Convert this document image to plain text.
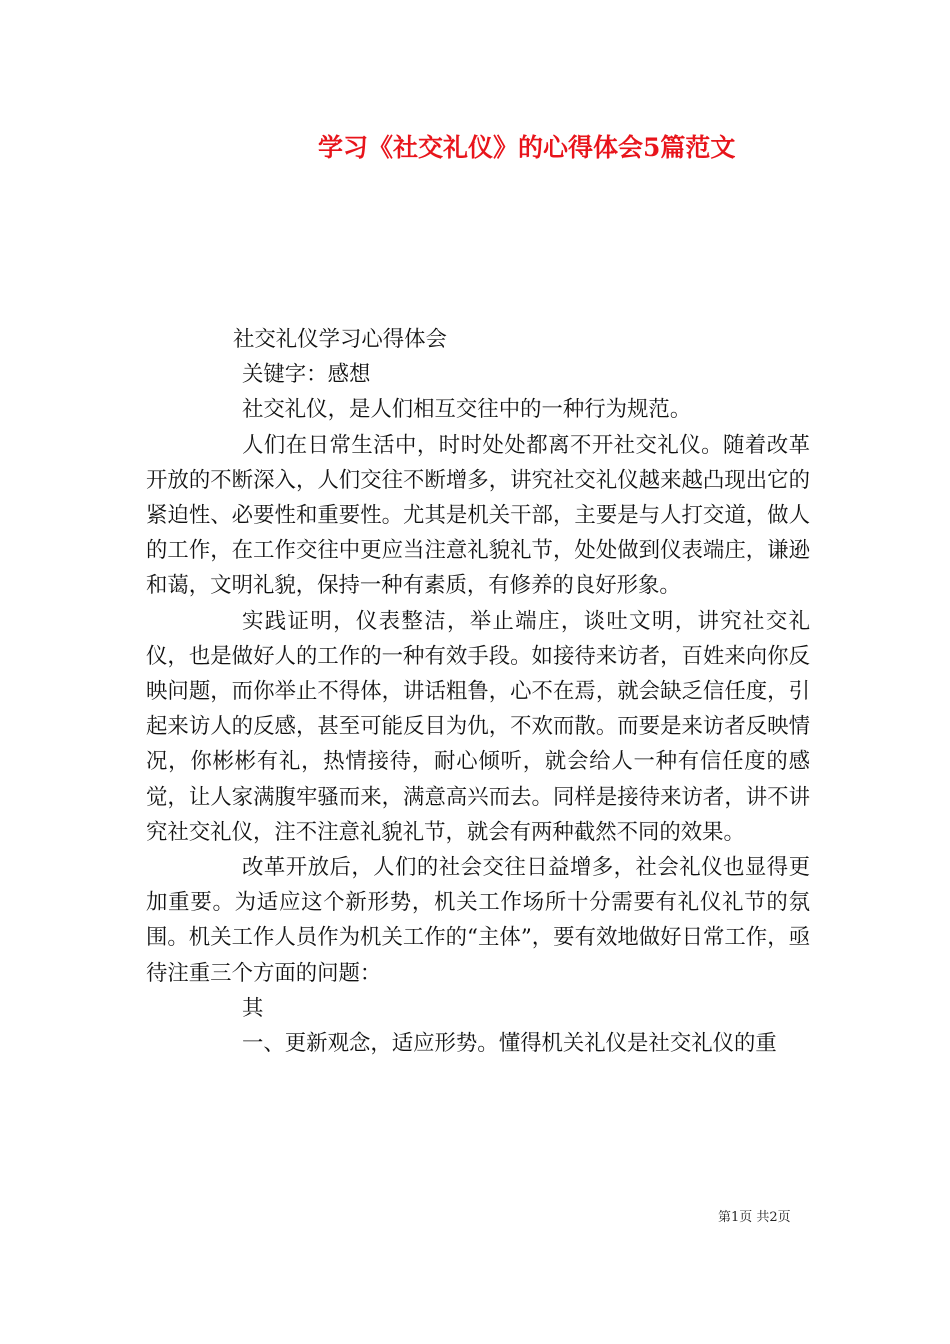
学习《社交礼仪》的心得体会5篇范文

社交礼仪学习心得体会

关键字：感想

社交礼仪，是人们相互交往中的一种行为规范。

人们在日常生活中，时时处处都离不开社交礼仪。随着改革开放的不断深入，人们交往不断增多，讲究社交礼仪越来越凸现出它的紧迫性、必要性和重要性。尤其是机关干部，主要是与人打交道，做人的工作，在工作交往中更应当注意礼貌礼节，处处做到仪表端庄，谦逊和蔼，文明礼貌，保持一种有素质，有修养的良好形象。

实践证明，仪表整洁，举止端庄，谈吐文明，讲究社交礼仪，也是做好人的工作的一种有效手段。如接待来访者，百姓来向你反映问题，而你举止不得体，讲话粗鲁，心不在焉，就会缺乏信任度，引起来访人的反感，甚至可能反目为仇，不欢而散。而要是来访者反映情况，你彬彬有礼，热情接待，耐心倾听，就会给人一种有信任度的感觉，让人家满腹牢骚而来，满意高兴而去。同样是接待来访者，讲不讲究社交礼仪，注不注意礼貌礼节，就会有两种截然不同的效果。

改革开放后，人们的社会交往日益增多，社会礼仪也显得更加重要。为适应这个新形势，机关工作场所十分需要有礼仪礼节的氛围。机关工作人员作为机关工作的“主体”，要有效地做好日常工作，亟待注重三个方面的问题：

其

一、更新观念，适应形势。懂得机关礼仪是社交礼仪的重

第1页 共2页
